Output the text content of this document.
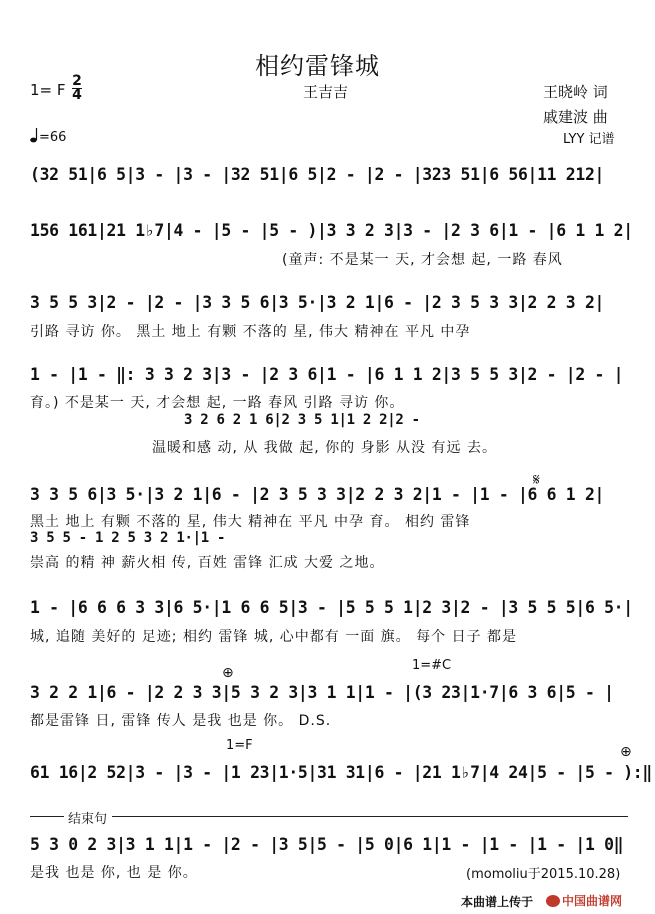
相约雷锋城
1= F 2
4	王吉吉	王晓岭 词
戚建波 曲
=66	LYY 记谱
(32 51|6 5|3 - |3 - |32 51|6 5|2 - |2 - |323 51|6 56|11 212|
156 161|21 1♭7|4 - |5 - |5 - )|3 3 2 3|3 - |2 3 6|1 - |6 1 1 2|
(童声: 不是某一 天, 才会想 起, 一路 春风
3 5 5 3|2 - |2 - |3 3 5 6|3 5·|3 2 1|6 - |2 3 5 3 3|2 2 3 2|
引路 寻访 你。 黑土 地上 有颗 不落的 星, 伟大 精神在 平凡 中孕
1 - |1 - ‖: 3 3 2 3|3 - |2 3 6|1 - |6 1 1 2|3 5 5 3|2 - |2 - |
育。) 不是某一 天, 才会想 起, 一路 春风 引路 寻访 你。
3 2 6 2 1 6|2 3 5 1|1 2 2|2 -
温暖和感 动, 从 我做 起, 你的 身影 从没 有远 去。
𝄋
3 3 5 6|3 5·|3 2 1|6 - |2 3 5 3 3|2 2 3 2|1 - |1 - |6 6 1 2|
黑土 地上 有颗 不落的 星, 伟大 精神在 平凡 中孕 育。 相约 雷锋
3 5 5 - 1 2 5 3 2 1·|1 -
崇高 的精 神 薪火相 传, 百姓 雷锋 汇成 大爱 之地。
1 - |6 6 6 3 3|6 5·|1 6 6 5|3 - |5 5 5 1|2 3|2 - |3 5 5 5|6 5·|
城, 追随 美好的 足迹; 相约 雷锋 城, 心中都有 一面 旗。 每个 日子 都是
⊕	1=#C
3 2 2 1|6 - |2 2 3 3|5 3 2 3|3 1 1|1 - |(3 23|1·7|6 3 6|5 - |
都是雷锋 日, 雷锋 传人 是我 也是 你。 D.S.
1=F	⊕
61 16|2 52|3 - |3 - |1 23|1·5|31 31|6 - |21 1♭7|4 24|5 - |5 - ):‖
结束句
5 3 0 2 3|3 1 1|1 - |2 - |3 5|5 - |5 0|6 1|1 - |1 - |1 - |1 0‖
是我 也是 你, 也 是 你。	(momoliu于2015.10.28)
本曲谱上传于	中国曲谱网
